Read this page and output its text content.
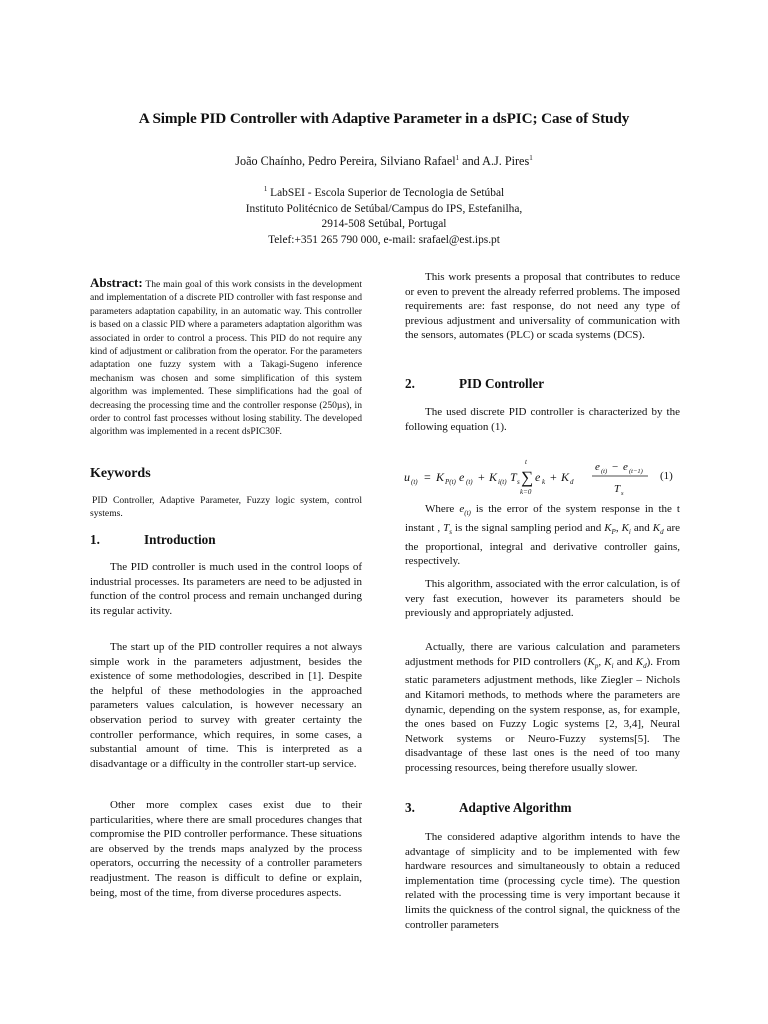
A Simple PID Controller with Adaptive Parameter in a dsPIC; Case of Study
João Chaínho, Pedro Pereira, Silviano Rafael$^1$ and A.J. Pires$^1$
$^1$ LabSEI - Escola Superior de Tecnologia de Setúbal
Instituto Politécnico de Setúbal/Campus do IPS, Estefanilha,
2914-508 Setúbal, Portugal
Telef:+351 265 790 000, e-mail: srafael@est.ips.pt

Abstract: The main goal of this work consists in the development and implementation of a discrete PID controller with fast response and parameters adaptation capability, in an automatic way. This controller is based on a classic PID where a parameters adaptation algorithm was associated in order to control a process. This PID do not require any kind of adjustment or calibration from the operator. For the parameters adaptation one fuzzy system with a Takagi-Sugeno inference mechanism was chosen and some simplification of this system algorithm was implemented. These simplifications had the goal of decreasing the processing time and the controller response (250µs), in order to control fast processes without losing stability. The developed algorithm was implemented in a recent dsPIC30F.

Keywords

PID Controller, Adaptive Parameter, Fuzzy logic system, control systems.

1.	Introduction

The PID controller is much used in the control loops of industrial processes. Its parameters are need to be adjusted in function of the control process and remain unchanged during its regular activity.

The start up of the PID controller requires a not always simple work in the parameters adjustment, besides the existence of some methodologies, described in [1]. Despite the helpful of these methodologies in the approached parameters values calculation, is however necessary an observation period to survey with greater certainty the controller performance, which requires, in some cases, a substantial amount of time. This is interpreted as a disadvantage or a difficulty in the controller start-up service.

Other more complex cases exist due to their particularities, where there are small procedures changes that compromise the PID controller performance. These situations are observed by the trends maps analyzed by the process operators, occurring the necessity of a controller parameters readjustment. The reason is difficult to define or explain, being, most of the time, from diverse procedures aspects.

This work presents a proposal that contributes to reduce or even to prevent the already referred problems. The imposed requirements are: fast response, do not need any type of previous adjustment and universality of communication with the sensors, automates (PLC) or scada systems (DCS).

2.	PID Controller

The used discrete PID controller is characterized by the following equation (1).

u (t) = K P(t) e (t) + K i(t) T s ∑
t
k=0
e k + K d
e (t) − e (t−1)
T s
(1)

Where $e_{(t)}$ is the error of the system response in the t instant , $T_s$ is the signal sampling period and $K_P$, $K_i$ and $K_d$ are the proportional, integral and derivative controller gains, respectively.

This algorithm, associated with the error calculation, is of very fast execution, however its parameters should be previously and appropriately adjusted.

Actually, there are various calculation and parameters adjustment methods for PID controllers ($K_p$, $K_i$ and $K_d$). From static parameters adjustment methods, like Ziegler – Nichols and Kitamori methods, to methods where the parameters are dynamic, depending on the system response, as, for example, the ones based on Fuzzy Logic systems [2, 3,4], Neural Network systems or Neuro-Fuzzy systems[5]. The disadvantage of these last ones is the need of too many processing resources, being therefore usually slower.

3.	Adaptive Algorithm

The considered adaptive algorithm intends to have the advantage of simplicity and to be implemented with few hardware resources and simultaneously to obtain a reduced implementation time (processing cycle time). The question related with the processing time is very important because it limits the quickness of the control signal, the quickness of the controller parameters
